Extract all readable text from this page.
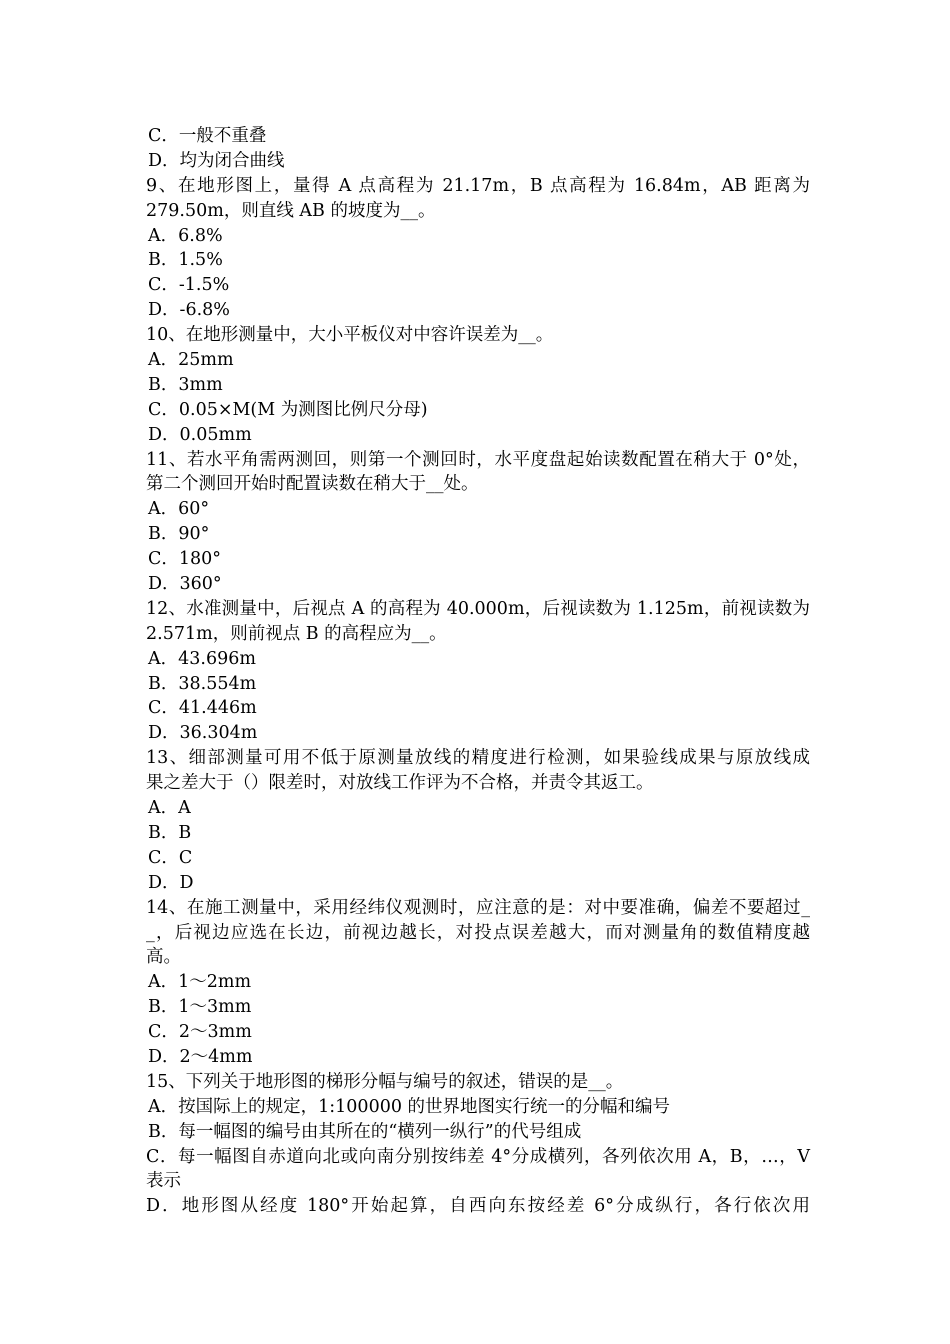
C．一般不重叠
D．均为闭合曲线
9、在地形图上，量得 A 点高程为 21.17m，B 点高程为 16.84m，AB 距离为
279.50m，则直线 AB 的坡度为__。
A．6.8%
B．1.5%
C．-1.5%
D．-6.8%
10、在地形测量中，大小平板仪对中容许误差为__。
A．25mm
B．3mm
C．0.05×M(M 为测图比例尺分母)
D．0.05mm
11、若水平角需两测回，则第一个测回时，水平度盘起始读数配置在稍大于 0°处，
第二个测回开始时配置读数在稍大于__处。
A．60°
B．90°
C．180°
D．360°
12、水准测量中，后视点 A 的高程为 40.000m，后视读数为 1.125m，前视读数为
2.571m，则前视点 B 的高程应为__。
A．43.696m
B．38.554m
C．41.446m
D．36.304m
13、细部测量可用不低于原测量放线的精度进行检测，如果验线成果与原放线成
果之差大于（）限差时，对放线工作评为不合格，并责令其返工。
A．A
B．B
C．C
D．D
14、在施工测量中，采用经纬仪观测时，应注意的是：对中要准确，偏差不要超过_
_，后视边应选在长边，前视边越长，对投点误差越大，而对测量角的数值精度越
高。
A．1～2mm
B．1～3mm
C．2～3mm
D．2～4mm
15、下列关于地形图的梯形分幅与编号的叙述，错误的是__。
A．按国际上的规定，1:100000 的世界地图实行统一的分幅和编号
B．每一幅图的编号由其所在的“横列一纵行”的代号组成
C．每一幅图自赤道向北或向南分别按纬差 4°分成横列，各列依次用 A，B，…，V
表示
D．地形图从经度 180°开始起算，自西向东按经差 6°分成纵行，各行依次用
